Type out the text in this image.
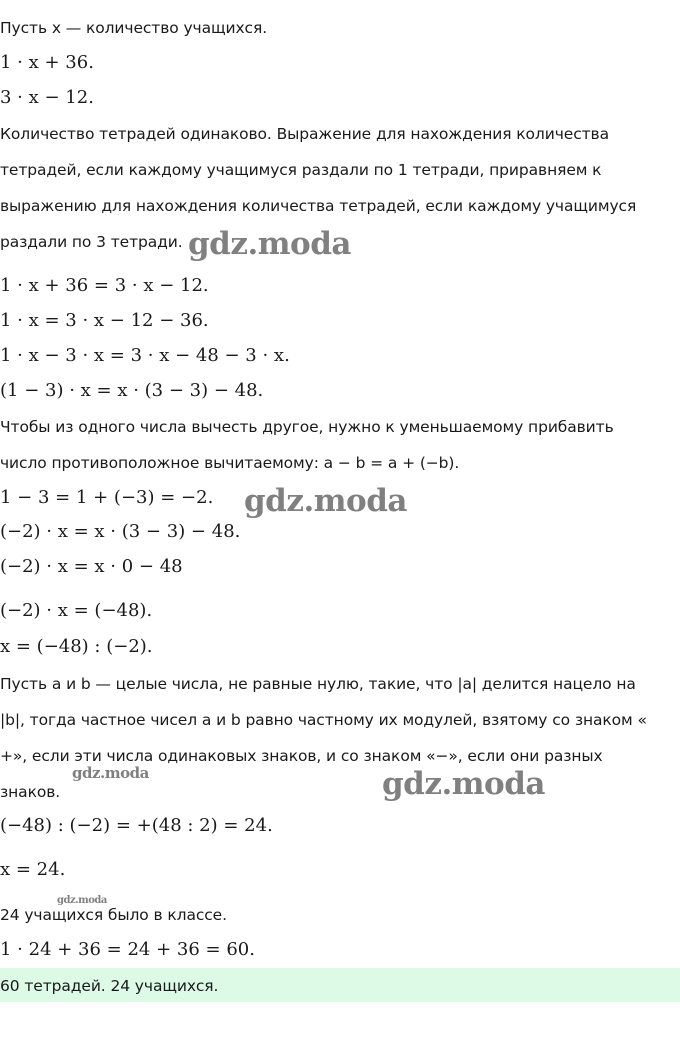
Пусть x — количество учащихся.
1 · x + 36.
3 · x − 12.
Количество тетрадей одинаково. Выражение для нахождения количества
тетрадей, если каждому учащимуся раздали по 1 тетради, приравняем к
выражению для нахождения количества тетрадей, если каждому учащимуся
раздали по 3 тетради.
1 · x + 36 = 3 · x − 12.
1 · x = 3 · x − 12 − 36.
1 · x − 3 · x = 3 · x − 48 − 3 · x.
(1 − 3) · x = x · (3 − 3) − 48.
Чтобы из одного числа вычесть другое, нужно к уменьшаемому прибавить
число противоположное вычитаемому: a − b = a + (−b).
1 − 3 = 1 + (−3) = −2.
(−2) · x = x · (3 − 3) − 48.
(−2) · x = x · 0 − 48
(−2) · x = (−48).
x = (−48) : (−2).
Пусть a и b — целые числа, не равные нулю, такие, что |a| делится нацело на
|b|, тогда частное чисел a и b равно частному их модулей, взятому со знаком «
+», если эти числа одинаковых знаков, и со знаком «−», если они разных
знаков.
(−48) : (−2) = +(48 : 2) = 24.
x = 24.
24 учащихся было в классе.
1 · 24 + 36 = 24 + 36 = 60.
60 тетрадей. 24 учащихся.
gdz.moda
gdz.moda
gdz.moda	gdz.moda
gdz.moda
